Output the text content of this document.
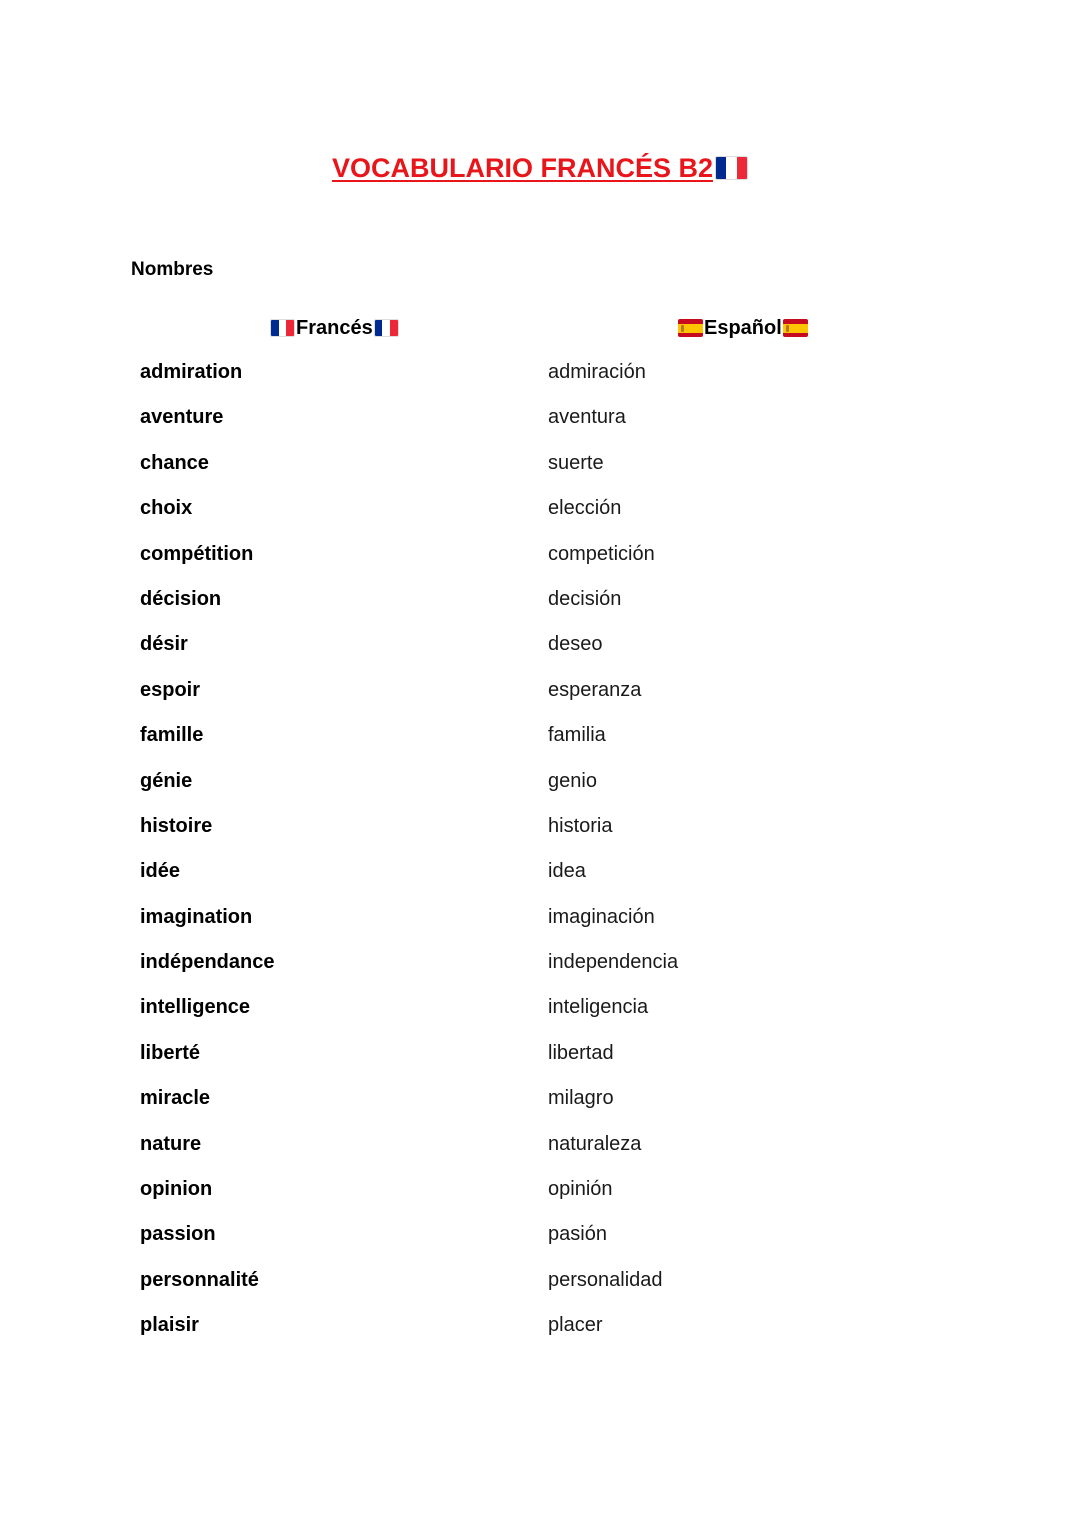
VOCABULARIO FRANCÉS B2
Nombres
Francés	Español
admiration	admiración
aventure	aventura
chance	suerte
choix	elección
compétition	competición
décision	decisión
désir	deseo
espoir	esperanza
famille	familia
génie	genio
histoire	historia
idée	idea
imagination	imaginación
indépendance	independencia
intelligence	inteligencia
liberté	libertad
miracle	milagro
nature	naturaleza
opinion	opinión
passion	pasión
personnalité	personalidad
plaisir	placer
